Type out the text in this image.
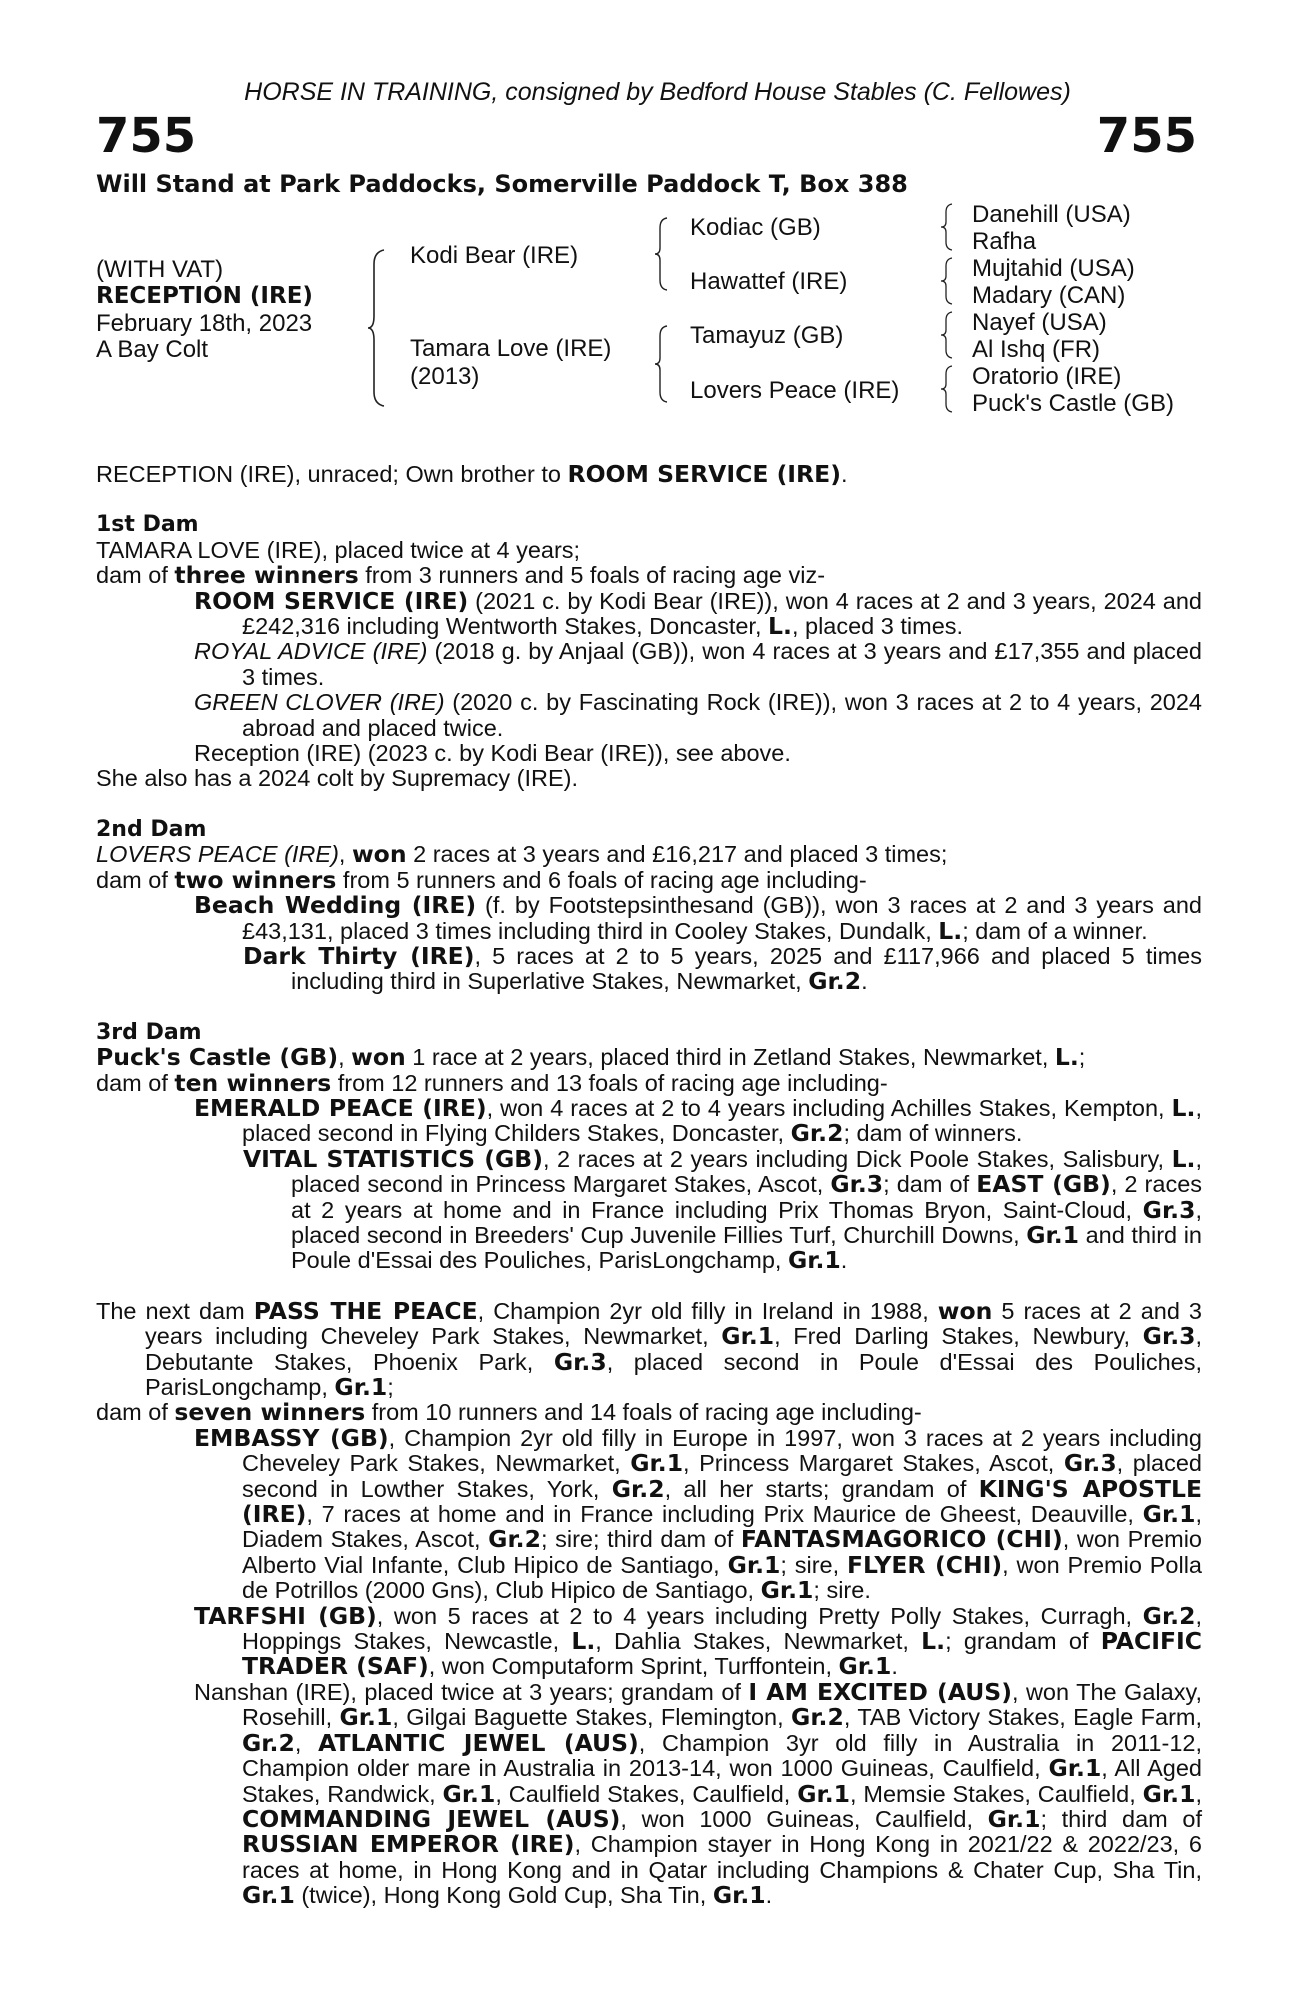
HORSE IN TRAINING, consigned by Bedford House Stables (C. Fellowes)
755	755
Will Stand at Park Paddocks, Somerville Paddock T, Box 388
(WITH VAT)
RECEPTION (IRE)
February 18th, 2023
A Bay Colt
Kodi Bear (IRE)
Tamara Love (IRE)
(2013)
Kodiac (GB)
Hawattef (IRE)
Tamayuz (GB)
Lovers Peace (IRE)
Danehill (USA)
Rafha
Mujtahid (USA)
Madary (CAN)
Nayef (USA)
Al Ishq (FR)
Oratorio (IRE)
Puck's Castle (GB)
RECEPTION (IRE), unraced; Own brother to ROOM SERVICE (IRE).
1st Dam
TAMARA LOVE (IRE), placed twice at 4 years;
dam of three winners from 3 runners and 5 foals of racing age viz-
ROOM SERVICE (IRE) (2021 c. by Kodi Bear (IRE)), won 4 races at 2 and 3 years, 2024 and £242,316 including Wentworth Stakes, Doncaster, L., placed 3 times.
ROYAL ADVICE (IRE) (2018 g. by Anjaal (GB)), won 4 races at 3 years and £17,355 and placed 3 times.
GREEN CLOVER (IRE) (2020 c. by Fascinating Rock (IRE)), won 3 races at 2 to 4 years, 2024 abroad and placed twice.
Reception (IRE) (2023 c. by Kodi Bear (IRE)), see above.
She also has a 2024 colt by Supremacy (IRE).
2nd Dam
LOVERS PEACE (IRE), won 2 races at 3 years and £16,217 and placed 3 times;
dam of two winners from 5 runners and 6 foals of racing age including-
Beach Wedding (IRE) (f. by Footstepsinthesand (GB)), won 3 races at 2 and 3 years and £43,131, placed 3 times including third in Cooley Stakes, Dundalk, L.; dam of a winner.
Dark Thirty (IRE), 5 races at 2 to 5 years, 2025 and £117,966 and placed 5 times including third in Superlative Stakes, Newmarket, Gr.2.
3rd Dam
Puck's Castle (GB), won 1 race at 2 years, placed third in Zetland Stakes, Newmarket, L.;
dam of ten winners from 12 runners and 13 foals of racing age including-
EMERALD PEACE (IRE), won 4 races at 2 to 4 years including Achilles Stakes, Kempton, L., placed second in Flying Childers Stakes, Doncaster, Gr.2; dam of winners.
VITAL STATISTICS (GB), 2 races at 2 years including Dick Poole Stakes, Salisbury, L., placed second in Princess Margaret Stakes, Ascot, Gr.3; dam of EAST (GB), 2 races at 2 years at home and in France including Prix Thomas Bryon, Saint-Cloud, Gr.3, placed second in Breeders' Cup Juvenile Fillies Turf, Churchill Downs, Gr.1 and third in Poule d'Essai des Pouliches, ParisLongchamp, Gr.1.
The next dam PASS THE PEACE, Champion 2yr old filly in Ireland in 1988, won 5 races at 2 and 3 years including Cheveley Park Stakes, Newmarket, Gr.1, Fred Darling Stakes, Newbury, Gr.3, Debutante Stakes, Phoenix Park, Gr.3, placed second in Poule d'Essai des Pouliches, ParisLongchamp, Gr.1;
dam of seven winners from 10 runners and 14 foals of racing age including-
EMBASSY (GB), Champion 2yr old filly in Europe in 1997, won 3 races at 2 years including Cheveley Park Stakes, Newmarket, Gr.1, Princess Margaret Stakes, Ascot, Gr.3, placed second in Lowther Stakes, York, Gr.2, all her starts; grandam of KING'S APOSTLE (IRE), 7 races at home and in France including Prix Maurice de Gheest, Deauville, Gr.1, Diadem Stakes, Ascot, Gr.2; sire; third dam of FANTASMAGORICO (CHI), won Premio Alberto Vial Infante, Club Hipico de Santiago, Gr.1; sire, FLYER (CHI), won Premio Polla de Potrillos (2000 Gns), Club Hipico de Santiago, Gr.1; sire.
TARFSHI (GB), won 5 races at 2 to 4 years including Pretty Polly Stakes, Curragh, Gr.2, Hoppings Stakes, Newcastle, L., Dahlia Stakes, Newmarket, L.; grandam of PACIFIC TRADER (SAF), won Computaform Sprint, Turffontein, Gr.1.
Nanshan (IRE), placed twice at 3 years; grandam of I AM EXCITED (AUS), won The Galaxy, Rosehill, Gr.1, Gilgai Baguette Stakes, Flemington, Gr.2, TAB Victory Stakes, Eagle Farm, Gr.2, ATLANTIC JEWEL (AUS), Champion 3yr old filly in Australia in 2011-12, Champion older mare in Australia in 2013-14, won 1000 Guineas, Caulfield, Gr.1, All Aged Stakes, Randwick, Gr.1, Caulfield Stakes, Caulfield, Gr.1, Memsie Stakes, Caulfield, Gr.1, COMMANDING JEWEL (AUS), won 1000 Guineas, Caulfield, Gr.1; third dam of RUSSIAN EMPEROR (IRE), Champion stayer in Hong Kong in 2021/22 & 2022/23, 6 races at home, in Hong Kong and in Qatar including Champions & Chater Cup, Sha Tin, Gr.1 (twice), Hong Kong Gold Cup, Sha Tin, Gr.1.
